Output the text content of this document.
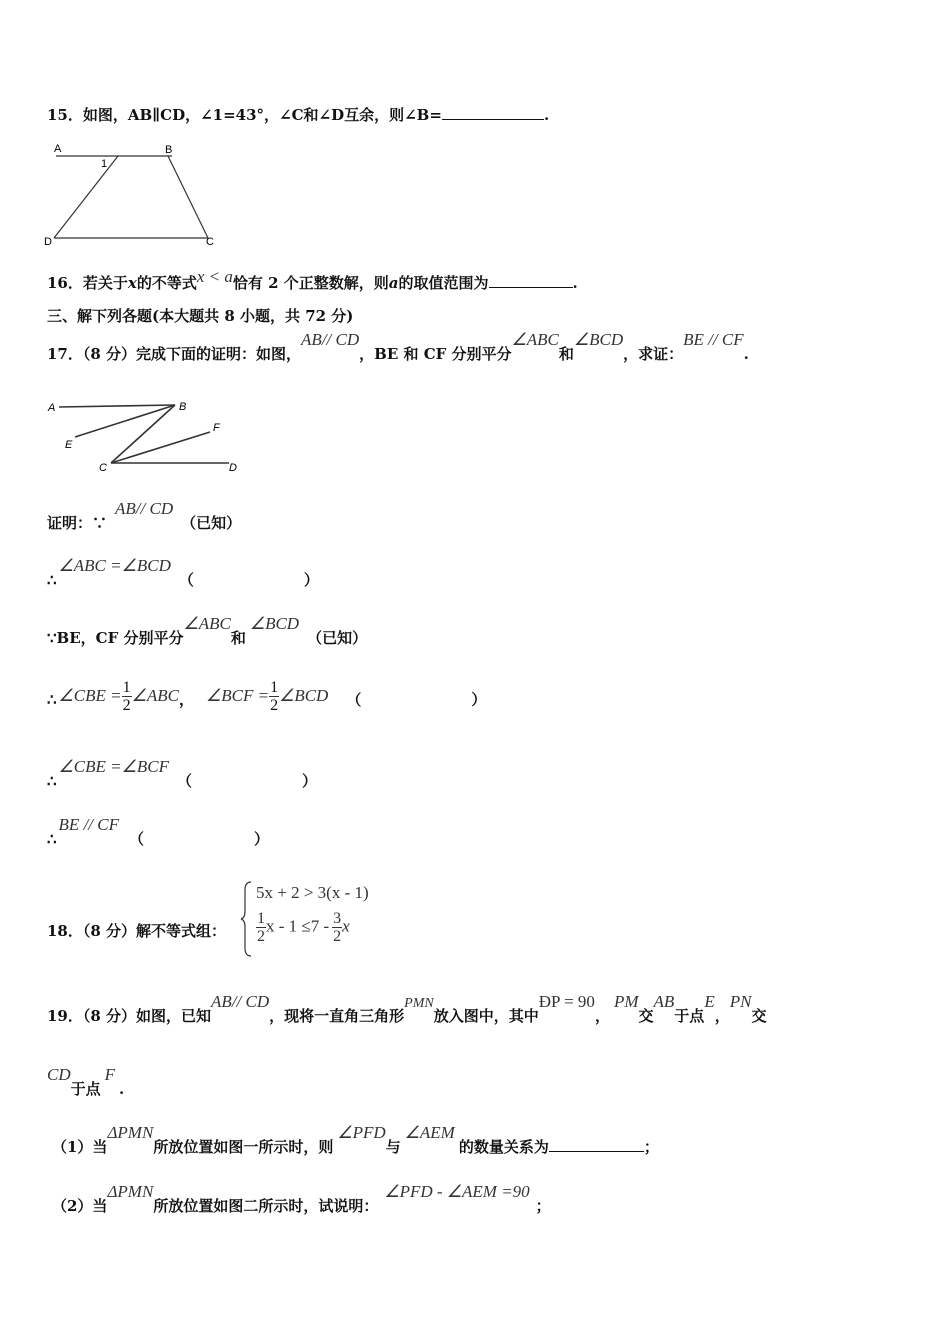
15．如图，AB∥CD，∠1=43°，∠C和∠D互余，则∠B=	.
A	B
1
D	C
16．若关于x的不等式x < a恰有 2 个正整数解，则a的取值范围为	.
三、解下列各题(本大题共 8 小题，共 72 分)
17．（8 分）完成下面的证明：如图，AB// CD，BE 和 CF 分别平分∠ABC和∠BCD，求证：BE // CF.
A	B
E
F
C	D
证明：∵AB// CD（已知）
∴∠ABC =∠BCD（	）
∵BE，CF 分别平分∠ABC和∠BCD（已知）
∴ ∠CBE = $\frac{1}{2}$ ∠ABC， ∠BCF = $\frac{1}{2}$ ∠BCD （	）
∴∠CBE =∠BCF（	）
∴BE // CF（	）
18．（8 分）解不等式组：
5x + 2 > 3(x - 1)
$\frac{1}{2}$ $x - 1 \le 7 - \frac{3}{2}$ x
19．（8 分）如图，已知AB// CD，现将一直角三角形PMN放入图中，其中ÐP = 90，PM交AB于点E，PN交
CD于点F.
（1）当ΔPMN所放位置如图一所示时，则∠PFD与∠AEM的数量关系为	；
（2）当ΔPMN所放位置如图二所示时，试说明：∠PFD - ∠AEM =90；
